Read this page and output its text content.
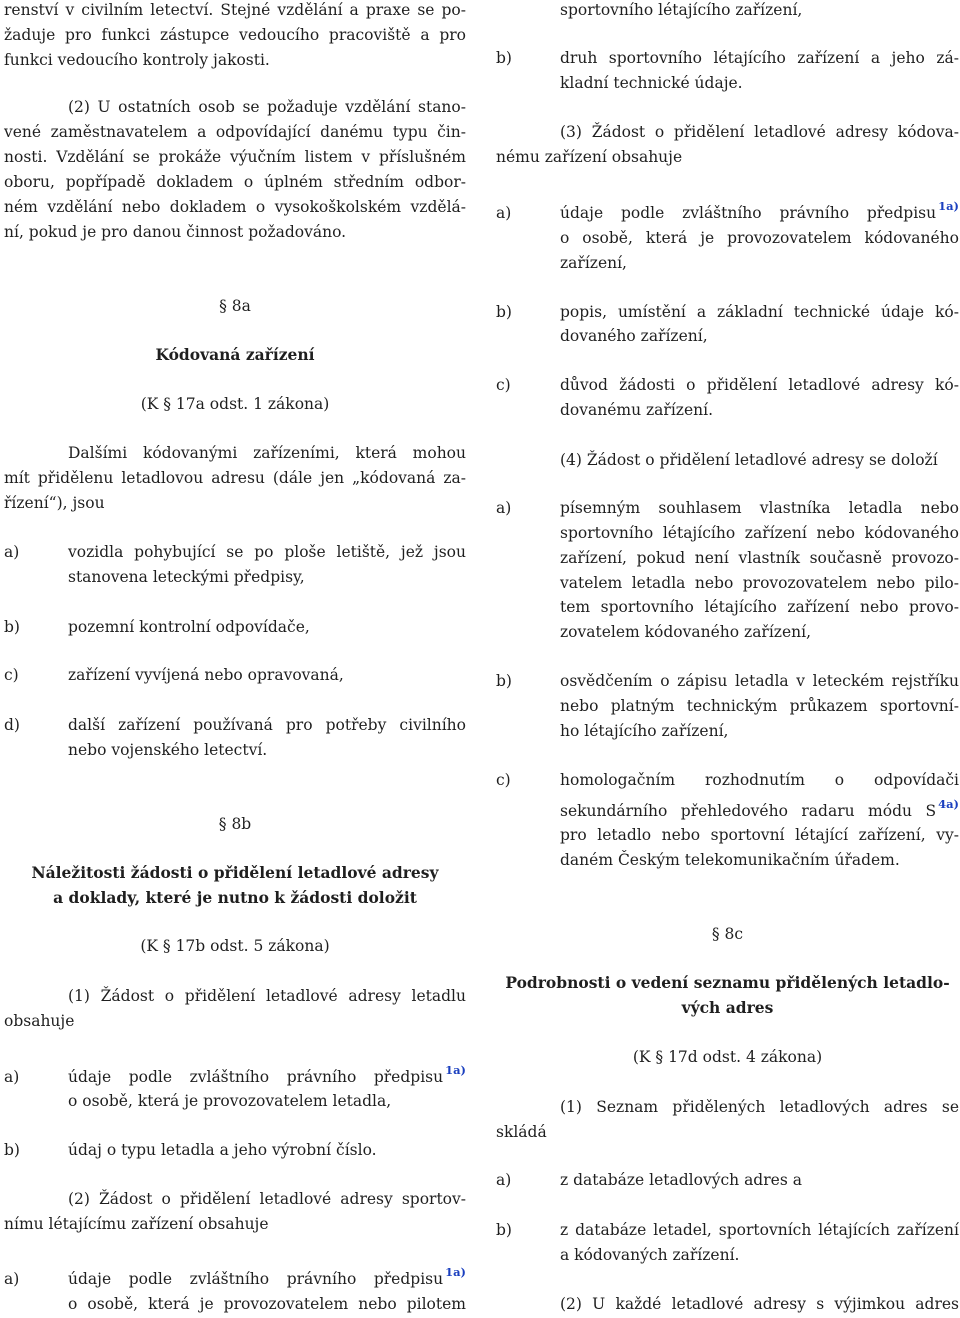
renství v civilním letectví. Stejné vzdělání a praxe se po-
žaduje pro funkci zástupce vedoucího pracoviště a pro
funkci vedoucího kontroly jakosti.
(2) U ostatních osob se požaduje vzdělání stano-
vené zaměstnavatelem a odpovídající danému typu čin-
nosti. Vzdělání se prokáže výučním listem v příslušném
oboru, popřípadě dokladem o úplném středním odbor-
ném vzdělání nebo dokladem o vysokoškolském vzdělá-
ní, pokud je pro danou činnost požadováno.
§ 8a
Kódovaná zařízení
(K § 17a odst. 1 zákona)
Dalšími kódovanými zařízeními, která mohou
mít přidělenu letadlovou adresu (dále jen „kódovaná za-
řízení“), jsou
a)	vozidla pohybující se po ploše letiště, jež jsou
stanovena leteckými předpisy,
b)	pozemní kontrolní odpovídače,
c)	zařízení vyvíjená nebo opravovaná,
d)	další zařízení používaná pro potřeby civilního
nebo vojenského letectví.
§ 8b
Náležitosti žádosti o přidělení letadlové adresy
a doklady, které je nutno k žádosti doložit
(K § 17b odst. 5 zákona)
(1) Žádost o přidělení letadlové adresy letadlu
obsahuje
a)	údaje podle zvláštního právního předpisu 1a)
o osobě, která je provozovatelem letadla,
b)	údaj o typu letadla a jeho výrobní číslo.
(2) Žádost o přidělení letadlové adresy sportov-
nímu létajícímu zařízení obsahuje
a)	údaje podle zvláštního právního předpisu 1a)
o osobě, která je provozovatelem nebo pilotem
sportovního létajícího zařízení,
b)	druh sportovního létajícího zařízení a jeho zá-
kladní technické údaje.
(3) Žádost o přidělení letadlové adresy kódova-
nému zařízení obsahuje
a)	údaje podle zvláštního právního předpisu 1a)
o osobě, která je provozovatelem kódovaného
zařízení,
b)	popis, umístění a základní technické údaje kó-
dovaného zařízení,
c)	důvod žádosti o přidělení letadlové adresy kó-
dovanému zařízení.
(4) Žádost o přidělení letadlové adresy se doloží
a)	písemným souhlasem vlastníka letadla nebo
sportovního létajícího zařízení nebo kódovaného
zařízení, pokud není vlastník současně provozo-
vatelem letadla nebo provozovatelem nebo pilo-
tem sportovního létajícího zařízení nebo provo-
zovatelem kódovaného zařízení,
b)	osvědčením o zápisu letadla v leteckém rejstříku
nebo platným technickým průkazem sportovní-
ho létajícího zařízení,
c)	homologačním rozhodnutím o odpovídači
sekundárního přehledového radaru módu S 4a)
pro letadlo nebo sportovní létající zařízení, vy-
daném Českým telekomunikačním úřadem.
§ 8c
Podrobnosti o vedení seznamu přidělených letadlo-
vých adres
(K § 17d odst. 4 zákona)
(1) Seznam přidělených letadlových adres se
skládá
a)	z databáze letadlových adres a
b)	z databáze letadel, sportovních létajících zařízení
a kódovaných zařízení.
(2) U každé letadlové adresy s výjimkou adres
